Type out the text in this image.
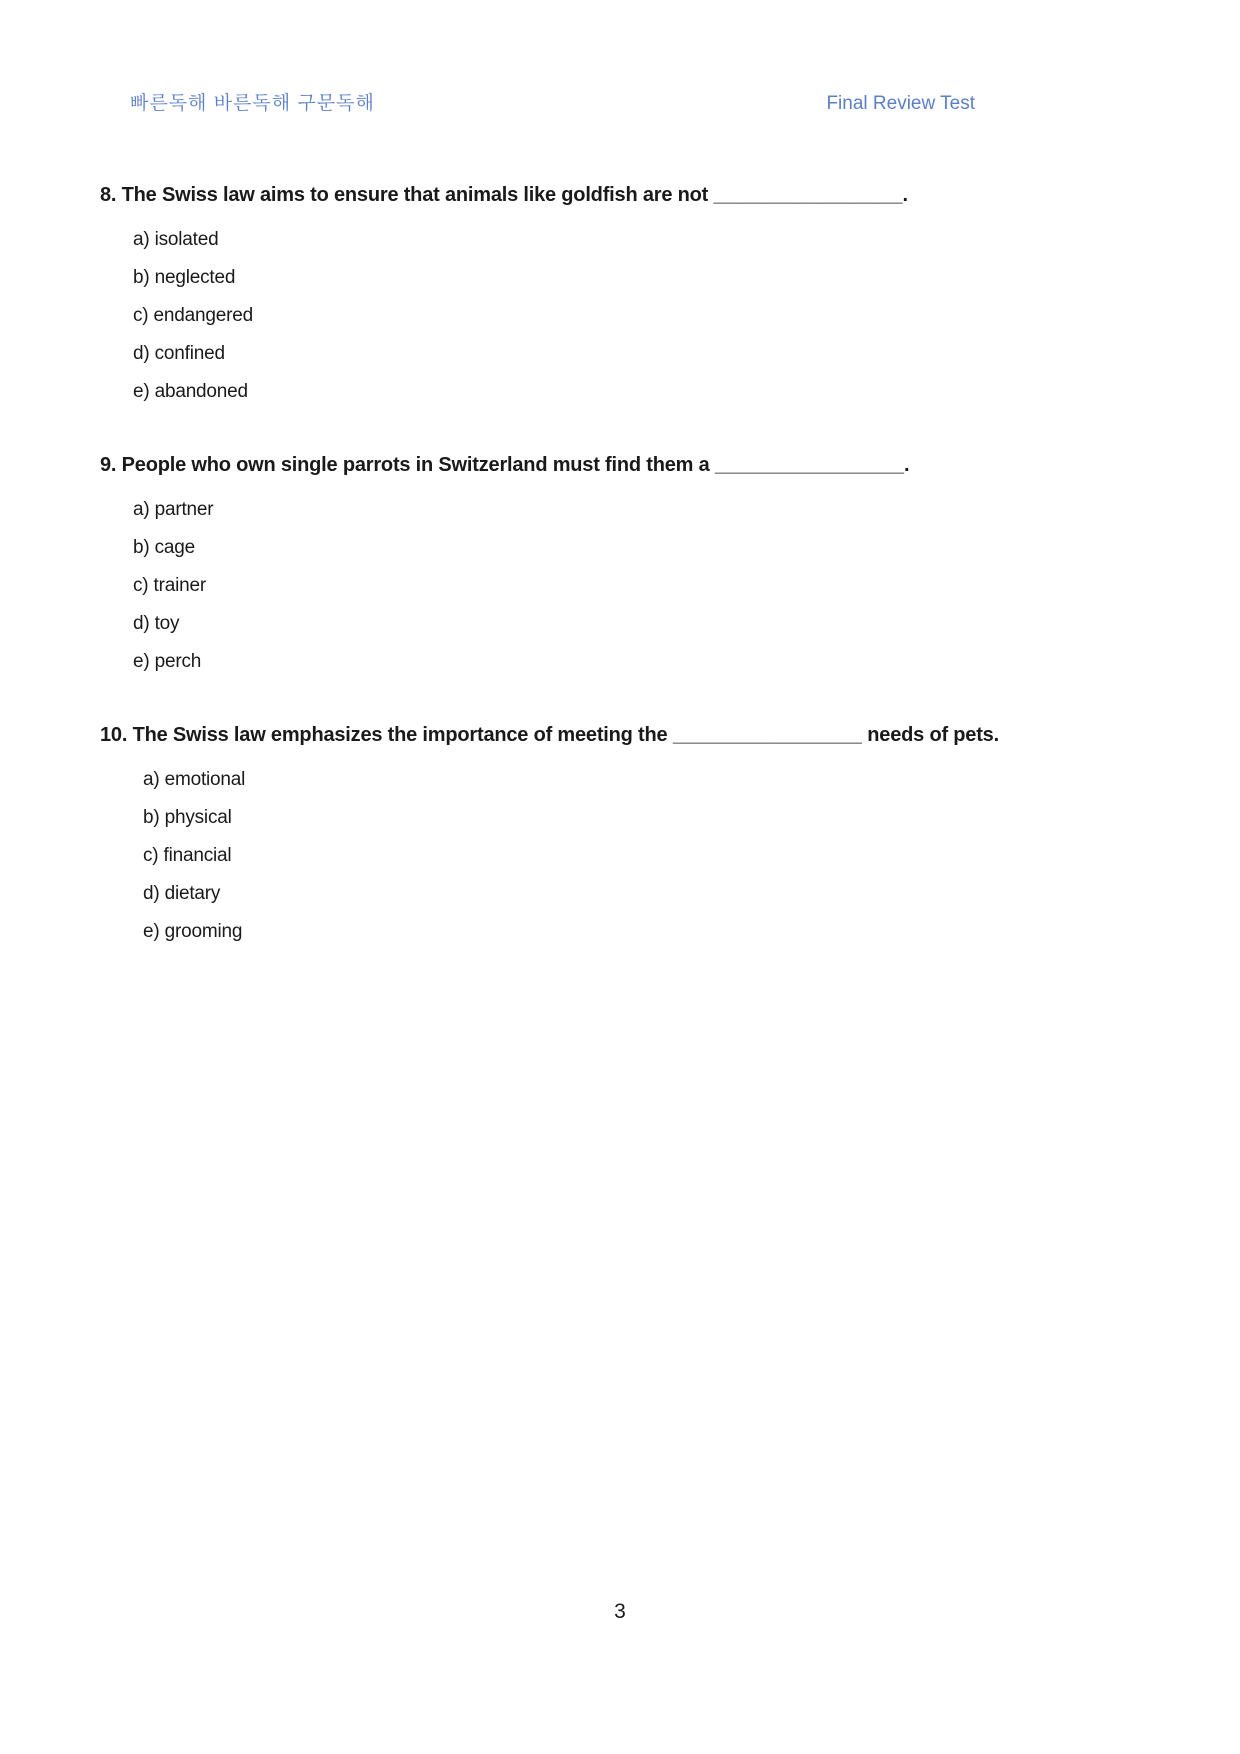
빠른독해 바른독해 구문독해	Final Review Test
8. The Swiss law aims to ensure that animals like goldfish are not _________________.
a) isolated
b) neglected
c) endangered
d) confined
e) abandoned
9. People who own single parrots in Switzerland must find them a _________________.
a) partner
b) cage
c) trainer
d) toy
e) perch
10. The Swiss law emphasizes the importance of meeting the _________________ needs of pets.
a) emotional
b) physical
c) financial
d) dietary
e) grooming
3
